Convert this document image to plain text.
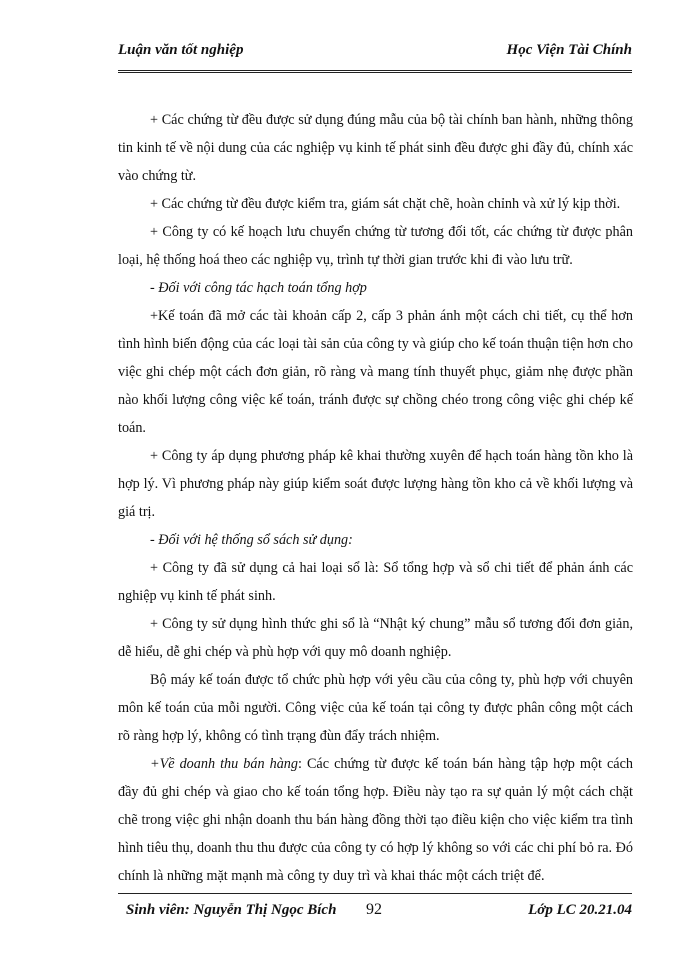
Luận văn tốt nghiệp	Học Viện Tài Chính

+ Các chứng từ đều được sử dụng đúng mẫu của bộ tài chính ban hành, những thông tin kinh tế về nội dung của các nghiệp vụ kinh tế phát sinh đều được ghi đầy đủ, chính xác vào chứng từ.

+ Các chứng từ đều được kiểm tra, giám sát chặt chẽ, hoàn chỉnh và xử lý kịp thời.

+ Công ty có kế hoạch lưu chuyển chứng từ tương đối tốt, các chứng từ được phân loại, hệ thống hoá theo các nghiệp vụ, trình tự thời gian trước khi đi vào lưu trữ.

- Đối với công tác hạch toán tổng hợp

+Kế toán đã mở các tài khoản cấp 2, cấp 3 phản ánh một cách chi tiết, cụ thể hơn tình hình biến động của các loại tài sản của công ty và giúp cho kế toán thuận tiện hơn cho việc ghi chép một cách đơn giản, rõ ràng và mang tính thuyết phục, giảm nhẹ được phần nào khối lượng công việc kế toán, tránh được sự chồng chéo trong công việc ghi chép kế toán.

+ Công ty áp dụng phương pháp kê khai thường xuyên để hạch toán hàng tồn kho là hợp lý. Vì phương pháp này giúp kiểm soát được lượng hàng tồn kho cả về khối lượng và giá trị.

- Đối với hệ thống sổ sách sử dụng:

+ Công ty đã sử dụng cả hai loại sổ là: Sổ tổng hợp và sổ chi tiết để phản ánh các nghiệp vụ kinh tế phát sinh.

+ Công ty sử dụng hình thức ghi sổ là “Nhật ký chung” mẫu sổ tương đối đơn giản, dễ hiểu, dễ ghi chép và phù hợp với quy mô doanh nghiệp.

Bộ máy kế toán được tổ chức phù hợp với yêu cầu của công ty, phù hợp với chuyên môn kế toán của mỗi người. Công việc của kế toán tại công ty được phân công một cách rõ ràng hợp lý, không có tình trạng đùn đẩy trách nhiệm.

+Về doanh thu bán hàng: Các chứng từ được kế toán bán hàng tập hợp một cách đầy đủ ghi chép và giao cho kế toán tổng hợp. Điều này tạo ra sự quản lý một cách chặt chẽ trong việc ghi nhận doanh thu bán hàng đồng thời tạo điều kiện cho việc kiểm tra tình hình tiêu thụ, doanh thu thu được của công ty có hợp lý không so với các chi phí bỏ ra. Đó chính là những mặt mạnh mà công ty duy trì và khai thác một cách triệt để.

Sinh viên: Nguyễn Thị Ngọc Bích 92	Lớp LC 20.21.04
